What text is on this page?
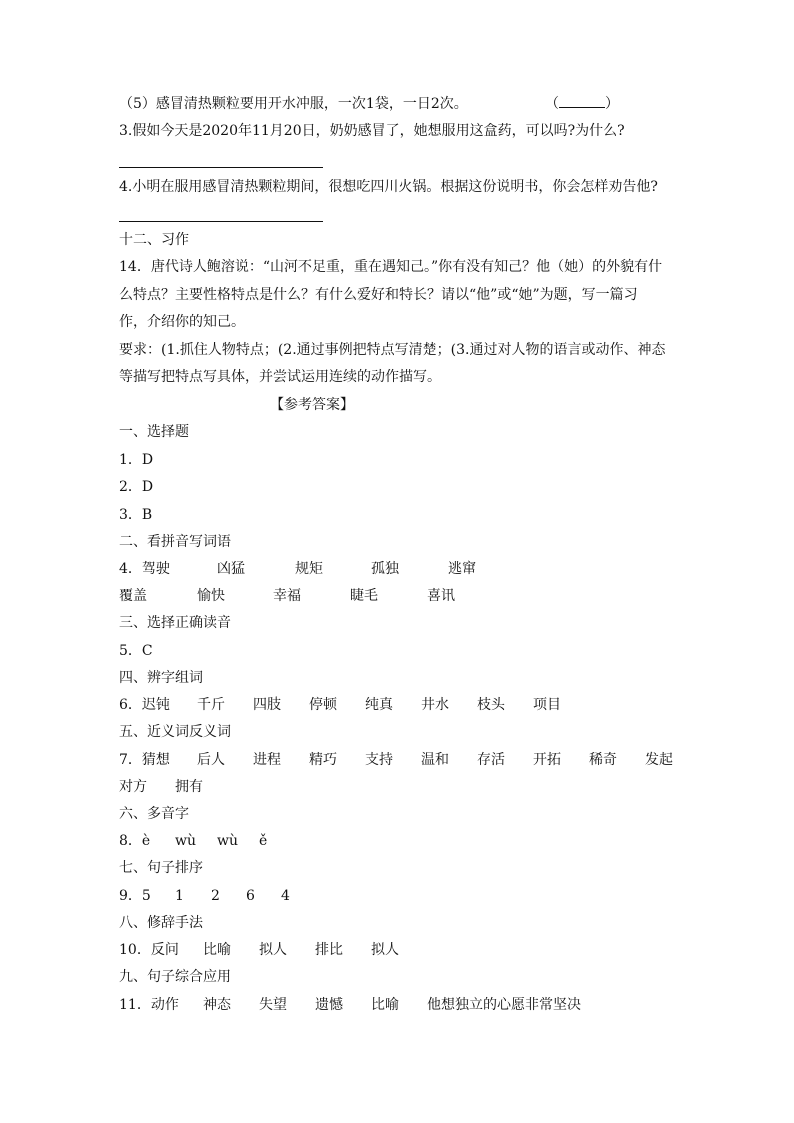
（5）感冒清热颗粒要用开水冲服，一次1袋，一日2次。	（	）
3.假如今天是2020年11月20日，奶奶感冒了，她想服用这盒药，可以吗?为什么?
4.小明在服用感冒清热颗粒期间，很想吃四川火锅。根据这份说明书，你会怎样劝告他?
十二、习作
14．唐代诗人鲍溶说：“山河不足重，重在遇知己。”你有没有知己？他（她）的外貌有什
么特点？主要性格特点是什么？有什么爱好和特长？请以“他”或“她”为题，写一篇习
作，介绍你的知己。
要求：(1.抓住人物特点；(2.通过事例把特点写清楚；(3.通过对人物的语言或动作、神态
等描写把特点写具体，并尝试运用连续的动作描写。
【参考答案】
一、选择题
1．D
2．D
3．B
二、看拼音写词语
4．驾驶	凶猛	规矩	孤独	逃窜
覆盖	愉快	幸福	睫毛	喜讯
三、选择正确读音
5．C
四、辨字组词
6．迟钝 千斤 四肢 停顿 纯真 井水 枝头 项目
五、近义词反义词
7．猜想 后人 进程 精巧 支持 温和 存活 开拓 稀奇 发起
对方 拥有
六、多音字
8．è wù wù ě
七、句子排序
9．5 1 2 6 4
八、修辞手法
10．反问 比喻 拟人 排比 拟人
九、句子综合应用
11．动作 神态 失望 遗憾 比喻 他想独立的心愿非常坚决
